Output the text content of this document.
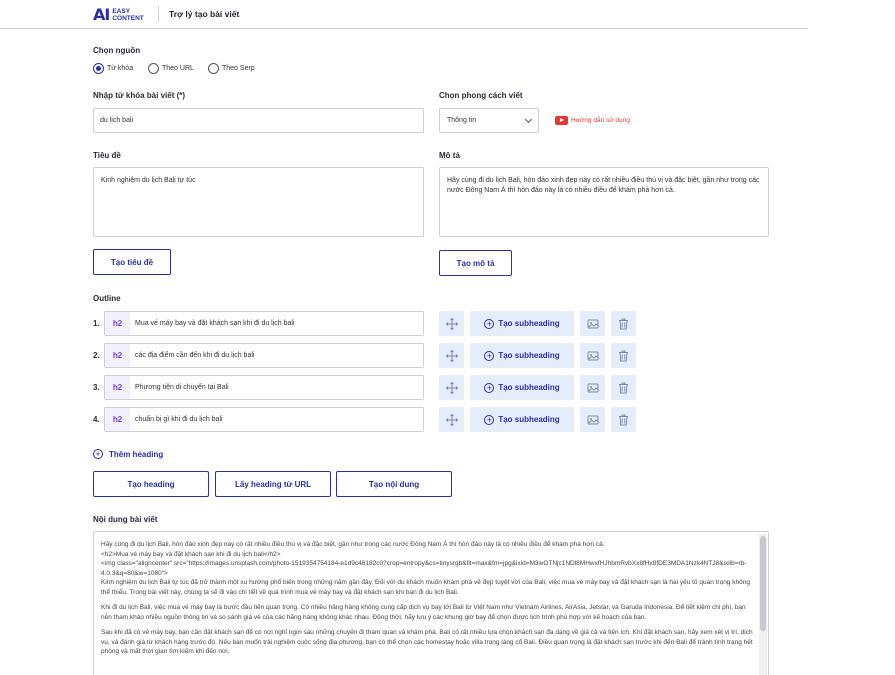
AI EASY
CONTENT	Trợ lý tạo bài viết
Chọn nguồn
Từ khóa	Theo URL	Theo Serp
Nhập từ khóa bài viết (*)
du lịch bali
Chọn phong cách viết
Thông tin	Hướng dẫn sử dụng
Tiêu đề
Kinh nghiệm du lịch Bali tự túc
Tạo tiêu đề
Mô tả
Hãy cùng đi du lịch Bali, hòn đảo xinh đẹp này có rất nhiều điều thú vị và đặc biệt, gần như trong các nước Đông Nam Á thì hòn đảo này là có nhiều điều để khám phá hơn cả.
Tạo mô tả
Outline
1.	h2	Mua vé máy bay và đặt khách sạn khi đi du lịch bali	+ Tạo subheading
2.	h2	các địa điểm cần đến khi đi du lịch bali	+ Tạo subheading
3.	h2	Phương tiện di chuyển tại Bali	+ Tạo subheading
4.	h2	chuẩn bị gì khi đi du lịch bali	+ Tạo subheading
+ Thêm heading
Tạo heading	Lấy heading từ URL	Tạo nội dung
Nội dung bài viết

Hãy cùng đi du lịch Bali, hòn đảo xinh đẹp này có rất nhiều điều thú vị và đặc biệt, gần như trong các nước Đông Nam Á thì hòn đảo này là có nhiều điều để khám phá hơn cả.

<h2>Mua vé máy bay và đặt khách sạn khi đi du lịch bali</h2>

<img class="aligncenter" src="https://images.unsplash.com/photo-1519354754184-e1d9c46182c0?crop=entropy&cs=tinysrgb&fit=max&fm=jpg&ixid=M3wOTNjc1NDl8MHwxfHJhbmRvbXx8fHx8fDE3MDA1Nzk4NTJ8&ixlib=rb-4.0.3&q=80&w=1080">

Kinh nghiệm du lịch Bali tự túc đã trở thành một xu hướng phổ biến trong những năm gần đây. Đối với du khách muốn khám phá vẻ đẹp tuyệt vời của Bali, việc mua vé máy bay và đặt khách sạn là hai yếu tố quan trọng không thể thiếu. Trong bài viết này, chúng ta sẽ đi vào chi tiết về quá trình mua vé máy bay và đặt khách sạn khi bạn đi du lịch Bali.

Khi đi du lịch Bali, việc mua vé máy bay là bước đầu tiên quan trọng. Có nhiều hãng hàng không cung cấp dịch vụ bay tới Bali từ Việt Nam như Vietnam Airlines, AirAsia, Jetstar, và Garuda Indonesia. Để tiết kiệm chi phí, bạn nên tham khảo nhiều nguồn thông tin và so sánh giá vé của các hãng hàng không khác nhau. Đồng thời, hãy lưu ý các khung giờ bay để chọn được lịch trình phù hợp với kế hoạch của bạn.

Sau khi đã có vé máy bay, bạn cần đặt khách sạn để có nơi nghỉ ngơi sau những chuyến đi tham quan và khám phá. Bali có rất nhiều lựa chọn khách sạn đa dạng về giá cả và tiện ích. Khi đặt khách sạn, hãy xem xét vị trí, dịch vụ, và đánh giá từ khách hàng trước đó. Nếu bạn muốn trải nghiệm cuộc sống địa phương, bạn có thể chọn các homestay hoặc villa trong làng cổ Bali. Điều quan trọng là đặt khách sạn trước khi đến Bali để tránh tình trạng hết phòng và mất thời gian tìm kiếm khi đến nơi.
